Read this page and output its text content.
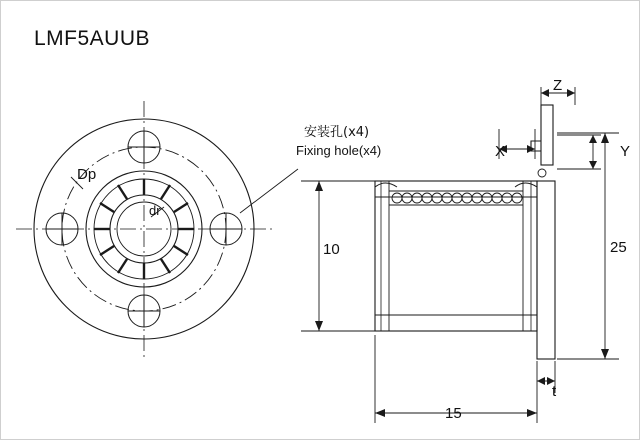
LMF5AUUB
安装孔(x4)
Fixing hole(x4)
Dp
dr
10	25
15
t
Z
X	Y
